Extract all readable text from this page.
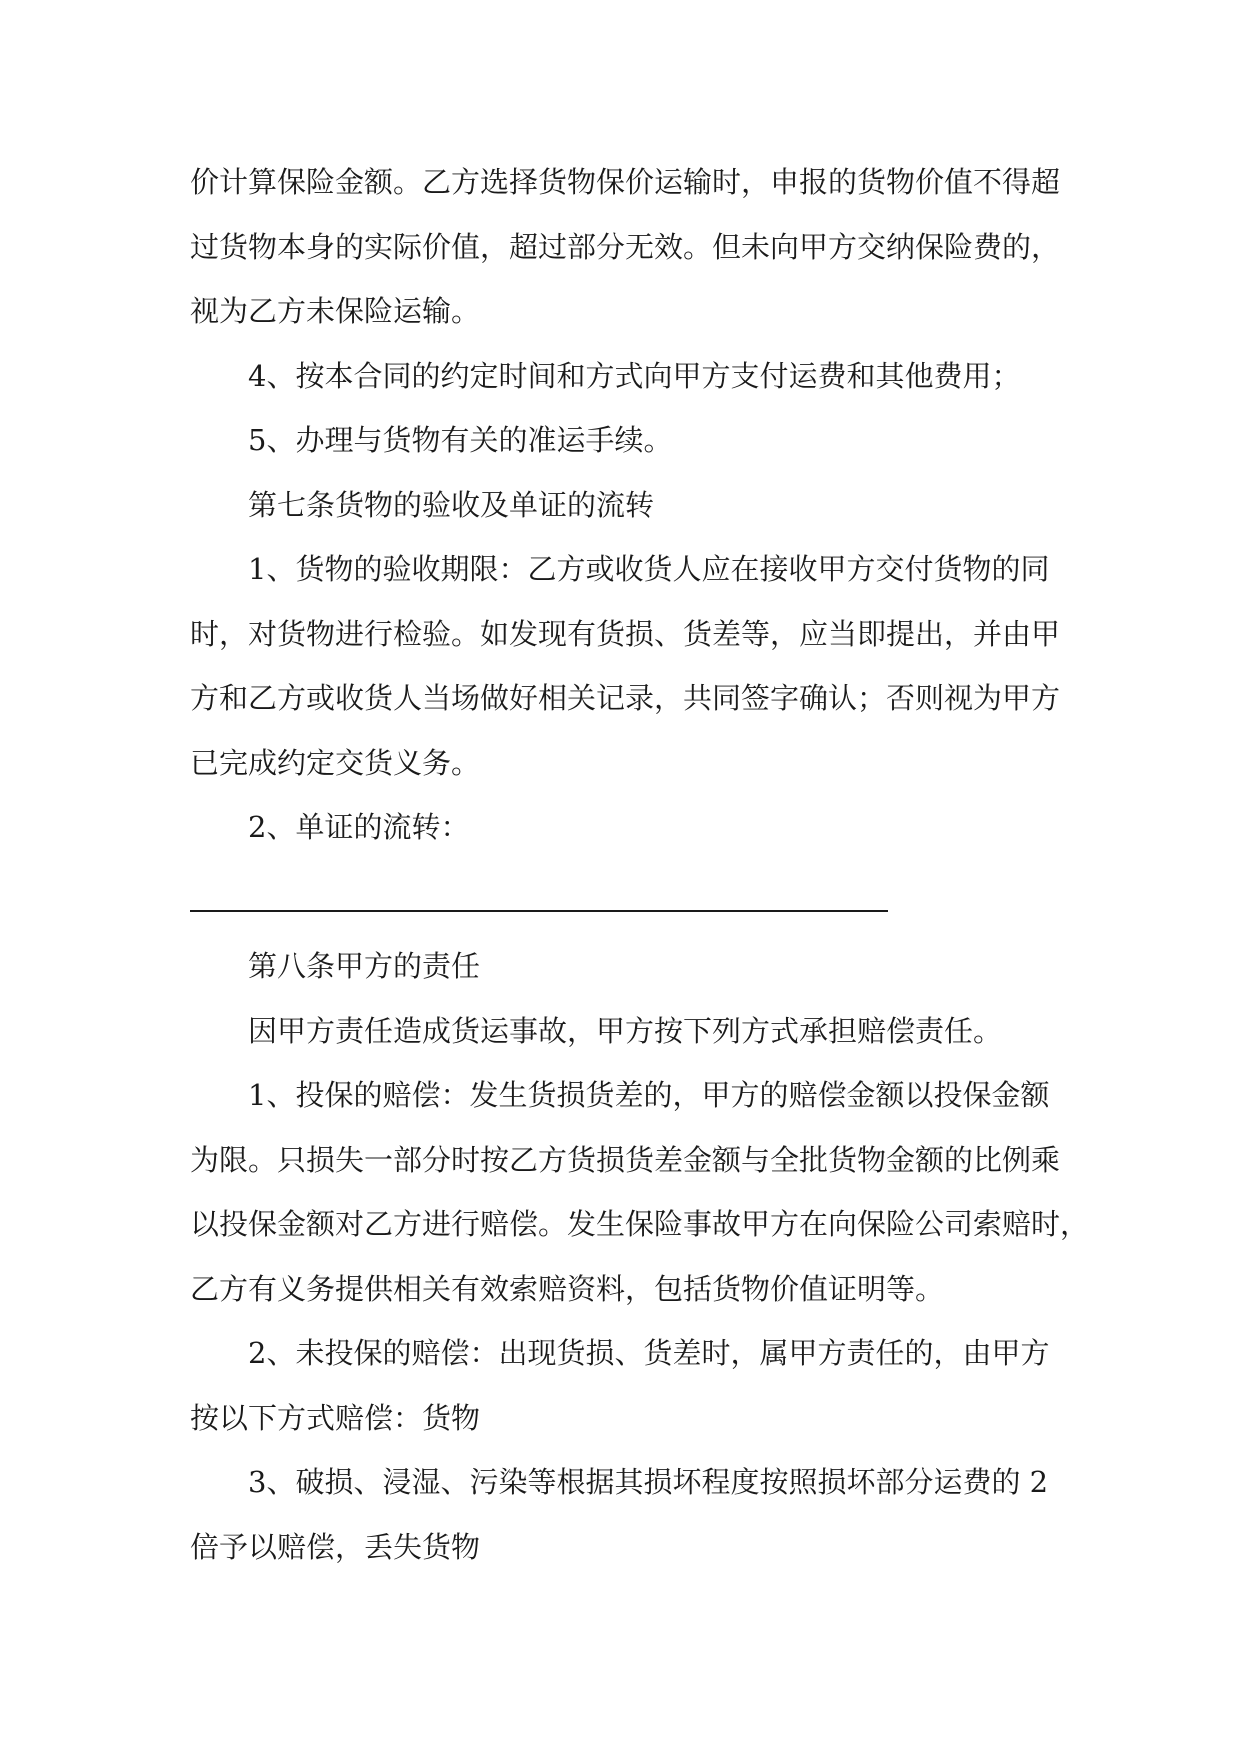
价计算保险金额。乙方选择货物保价运输时，申报的货物价值不得超
过货物本身的实际价值，超过部分无效。但未向甲方交纳保险费的，
视为乙方未保险运输。
4、按本合同的约定时间和方式向甲方支付运费和其他费用；
5、办理与货物有关的准运手续。
第七条货物的验收及单证的流转
1、货物的验收期限：乙方或收货人应在接收甲方交付货物的同
时，对货物进行检验。如发现有货损、货差等，应当即提出，并由甲
方和乙方或收货人当场做好相关记录，共同签字确认；否则视为甲方
已完成约定交货义务。
2、单证的流转：
第八条甲方的责任
因甲方责任造成货运事故，甲方按下列方式承担赔偿责任。
1、投保的赔偿：发生货损货差的，甲方的赔偿金额以投保金额
为限。只损失一部分时按乙方货损货差金额与全批货物金额的比例乘
以投保金额对乙方进行赔偿。发生保险事故甲方在向保险公司索赔时，
乙方有义务提供相关有效索赔资料，包括货物价值证明等。
2、未投保的赔偿：出现货损、货差时，属甲方责任的，由甲方
按以下方式赔偿：货物
3、破损、浸湿、污染等根据其损坏程度按照损坏部分运费的 2
倍予以赔偿，丢失货物
